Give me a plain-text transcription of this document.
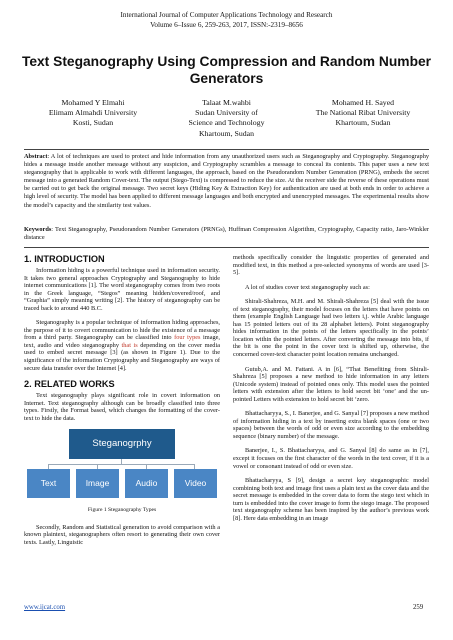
International Journal of Computer Applications Technology and Research
Volume 6–Issue 6, 259-263, 2017, ISSN:-2319–8656
Text Steganography Using Compression and Random Number Generators
Mohamed Y Elmahi
Elimam Almahdi University
Kosti, Sudan
Talaat M.wahbi
Sudan University of
Science and Technology
Khartoum, Sudan
Mohamed H. Sayed
The National Ribat University
Khartoum, Sudan
Abstract: A lot of techniques are used to protect and hide information from any unauthorized users such as Steganography and Cryptography. Steganography hides a message inside another message without any suspicion, and Cryptography scrambles a message to conceal its contents. This paper uses a new text steganography that is applicable to work with different languages, the approach, based on the Pseudorandom Number Generation (PRNG), embeds the secret message into a generated Random Cover-text. The output (Stego-Text) is compressed to reduce the size. At the receiver side the reverse of these operations must be carried out to get back the original message. Two secret keys (Hiding Key & Extraction Key) for authentication are used at both ends in order to achieve a high level of security. The model has been applied to different message languages and both encrypted and unencrypted messages. The experimental results show the model’s capacity and the similarity test values.
Keywords: Text Steganography, Pseudorandom Number Generators (PRNGs), Huffman Compression Algorithm, Cryptography, Capacity ratio, Jaro-Winkler distance
1. INTRODUCTION

Information hiding is a powerful technique used in information security. It takes two general approaches Cryptography and Steganography to hide internet communications [1]. The word steganography comes from two roots in the Greek language, “Stegos” meaning hidden/covered/roof, and “Graphia” simply meaning writing [2]. The history of steganography can be traced back to around 440 B.C.

Steganography is a popular technique of information hiding approaches, the purpose of it to covert communication to hide the existence of a message from a third party. Steganography can be classified into four types image, text, audio and video steganography that is depending on the cover media used to embed secret message [3] (as shown in Figure 1). Due to the significance of the information Cryptography and Steganography are ways of secure data transfer over the Internet [4].

2. RELATED WORKS

Text steganography plays significant role in covert information on Internet. Text steganography although can be broadly classified into three types. Firstly, the Format based, which changes the formatting of the cover-text to hide the data.

Steganogrphy
Text	Image	Audio	Video
Figure 1 Steganography Types

Secondly, Random and Statistical generation to avoid comparison with a known plaintext, steganographers often resort to generating their own cover texts. Lastly, Linguistic

methods specifically consider the linguistic properties of generated and modified text, in this method a pre-selected synonyms of words are used [3-5].

A lot of studies cover text steganography such as:

Shirali-Shahreza, M.H. and M. Shirali-Shahreza [5] deal with the issue of text steganography, their model focuses on the letters that have points on them (example English Language had two letters i,j. while Arabic language has 15 pointed letters out of its 28 alphabet letters). Point steganography hides information in the points of the letters specifically in the points’ location within the pointed letters. After converting the message into bits, if the bit is one the point in the cover text is shifted up, otherwise, the concerned cover-text character point location remains unchanged.

Gutub,A. and M. Fattani. A in [6], “That Benefiting from Shirali-Shahreza [5] proposes a new method to hide information in any letters (Unicode system) instead of pointed ones only. This model uses the pointed letters with extension after the letters to hold secret bit ‘one’ and the un-pointed Letters with extension to hold secret bit ‘zero.

Bhattacharyya, S., I. Banerjee, and G. Sanyal [7] proposes a new method of information hiding in a text by inserting extra blank spaces (one or two spaces) between the words of odd or even size according to the embedding sequence (binary number) of the message.

Banerjee, I., S. Bhattacharyya, and G. Sanyal [8] do same as in [7], except it focuses on the first character of the words in the text cover, if it is a vowel or consonant instead of odd or even size.

Bhattacharyya, S [9], design a secret key steganographic model combining both text and image first uses a plain text as the cover data and the secret message is embedded in the cover data to form the stego text which in turn is embedded into the cover image to form the stego image. The proposed text steganography scheme has been inspired by the author’s previous work [8]. Here data embedding in an image

www.ijcat.com	259
